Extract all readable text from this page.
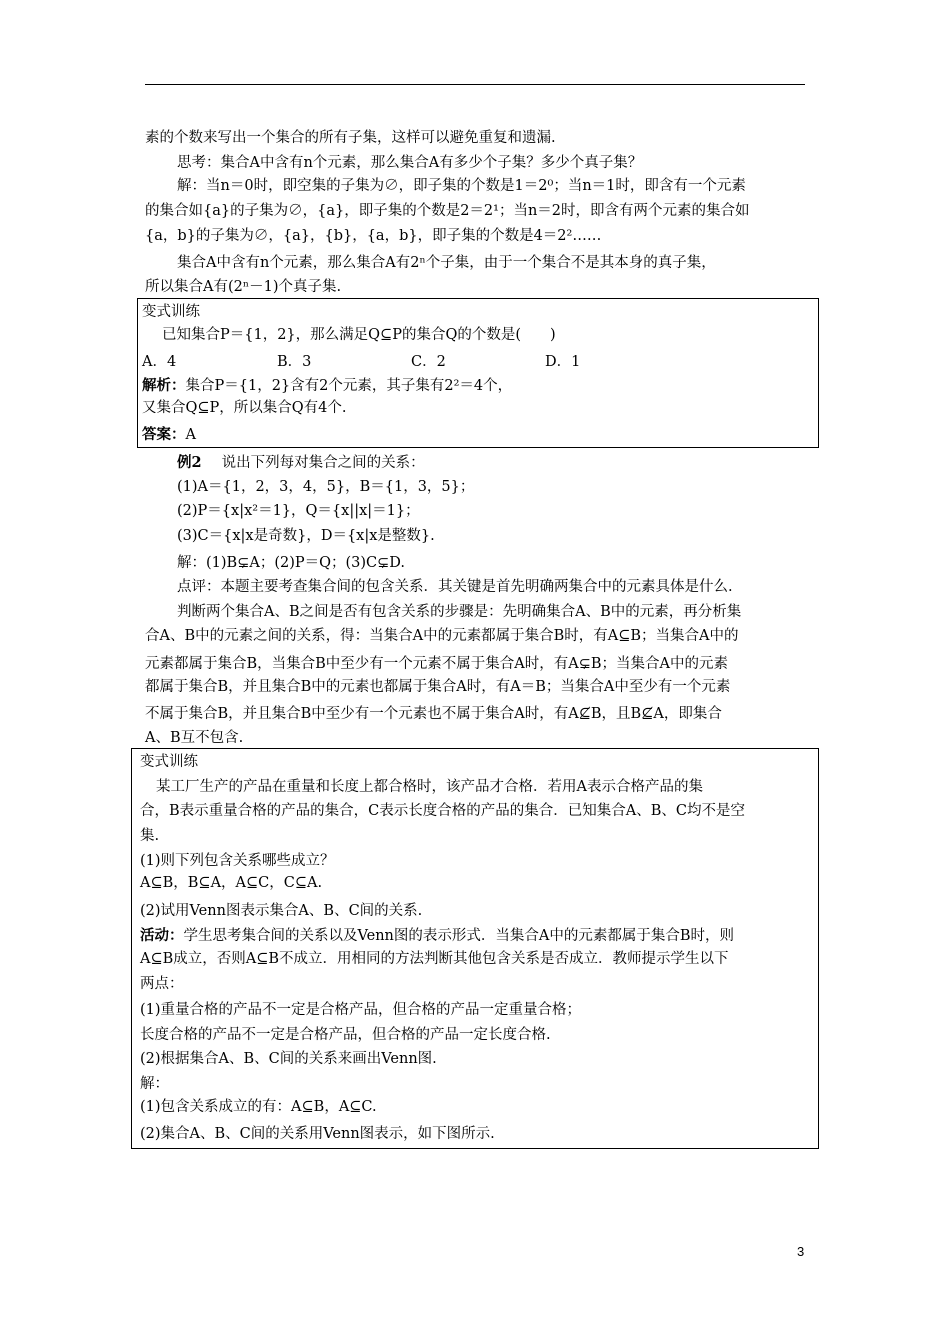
素的个数来写出一个集合的所有子集，这样可以避免重复和遗漏.
思考：集合A中含有n个元素，那么集合A有多少个子集？多少个真子集？
解：当n＝0时，即空集的子集为∅，即子集的个数是1＝2⁰；当n＝1时，即含有一个元素
的集合如{a}的子集为∅，{a}，即子集的个数是2＝2¹；当n＝2时，即含有两个元素的集合如
{a，b}的子集为∅，{a}，{b}，{a，b}，即子集的个数是4＝2²……
集合A中含有n个元素，那么集合A有2ⁿ个子集，由于一个集合不是其本身的真子集，
所以集合A有(2ⁿ－1)个真子集.
变式训练
已知集合P＝{1，2}，那么满足Q⊆P的集合Q的个数是(　　)
A．4	B．3	C．2	D．1
解析：集合P＝{1，2}含有2个元素，其子集有2²＝4个，
又集合Q⊆P，所以集合Q有4个.
答案：A
例2 说出下列每对集合之间的关系：
(1)A＝{1，2，3，4，5}，B＝{1，3，5}；
(2)P＝{x|x²＝1}，Q＝{x||x|＝1}；
(3)C＝{x|x是奇数}，D＝{x|x是整数}.
解：(1)B⊊A；(2)P＝Q；(3)C⊊D.
点评：本题主要考查集合间的包含关系．其关键是首先明确两集合中的元素具体是什么.
判断两个集合A、B之间是否有包含关系的步骤是：先明确集合A、B中的元素，再分析集
合A、B中的元素之间的关系，得：当集合A中的元素都属于集合B时，有A⊆B；当集合A中的
元素都属于集合B，当集合B中至少有一个元素不属于集合A时，有A⊊B；当集合A中的元素
都属于集合B，并且集合B中的元素也都属于集合A时，有A＝B；当集合A中至少有一个元素
不属于集合B，并且集合B中至少有一个元素也不属于集合A时，有A⊈B，且B⊈A，即集合
A、B互不包含.
变式训练
某工厂生产的产品在重量和长度上都合格时，该产品才合格．若用A表示合格产品的集
合，B表示重量合格的产品的集合，C表示长度合格的产品的集合．已知集合A、B、C均不是空
集.
(1)则下列包含关系哪些成立？
A⊆B，B⊆A，A⊆C，C⊆A.
(2)试用Venn图表示集合A、B、C间的关系.
活动：学生思考集合间的关系以及Venn图的表示形式．当集合A中的元素都属于集合B时，则
A⊆B成立，否则A⊆B不成立．用相同的方法判断其他包含关系是否成立．教师提示学生以下
两点：
(1)重量合格的产品不一定是合格产品，但合格的产品一定重量合格；
长度合格的产品不一定是合格产品，但合格的产品一定长度合格.
(2)根据集合A、B、C间的关系来画出Venn图.
解：
(1)包含关系成立的有：A⊆B，A⊆C.
(2)集合A、B、C间的关系用Venn图表示，如下图所示.
3
